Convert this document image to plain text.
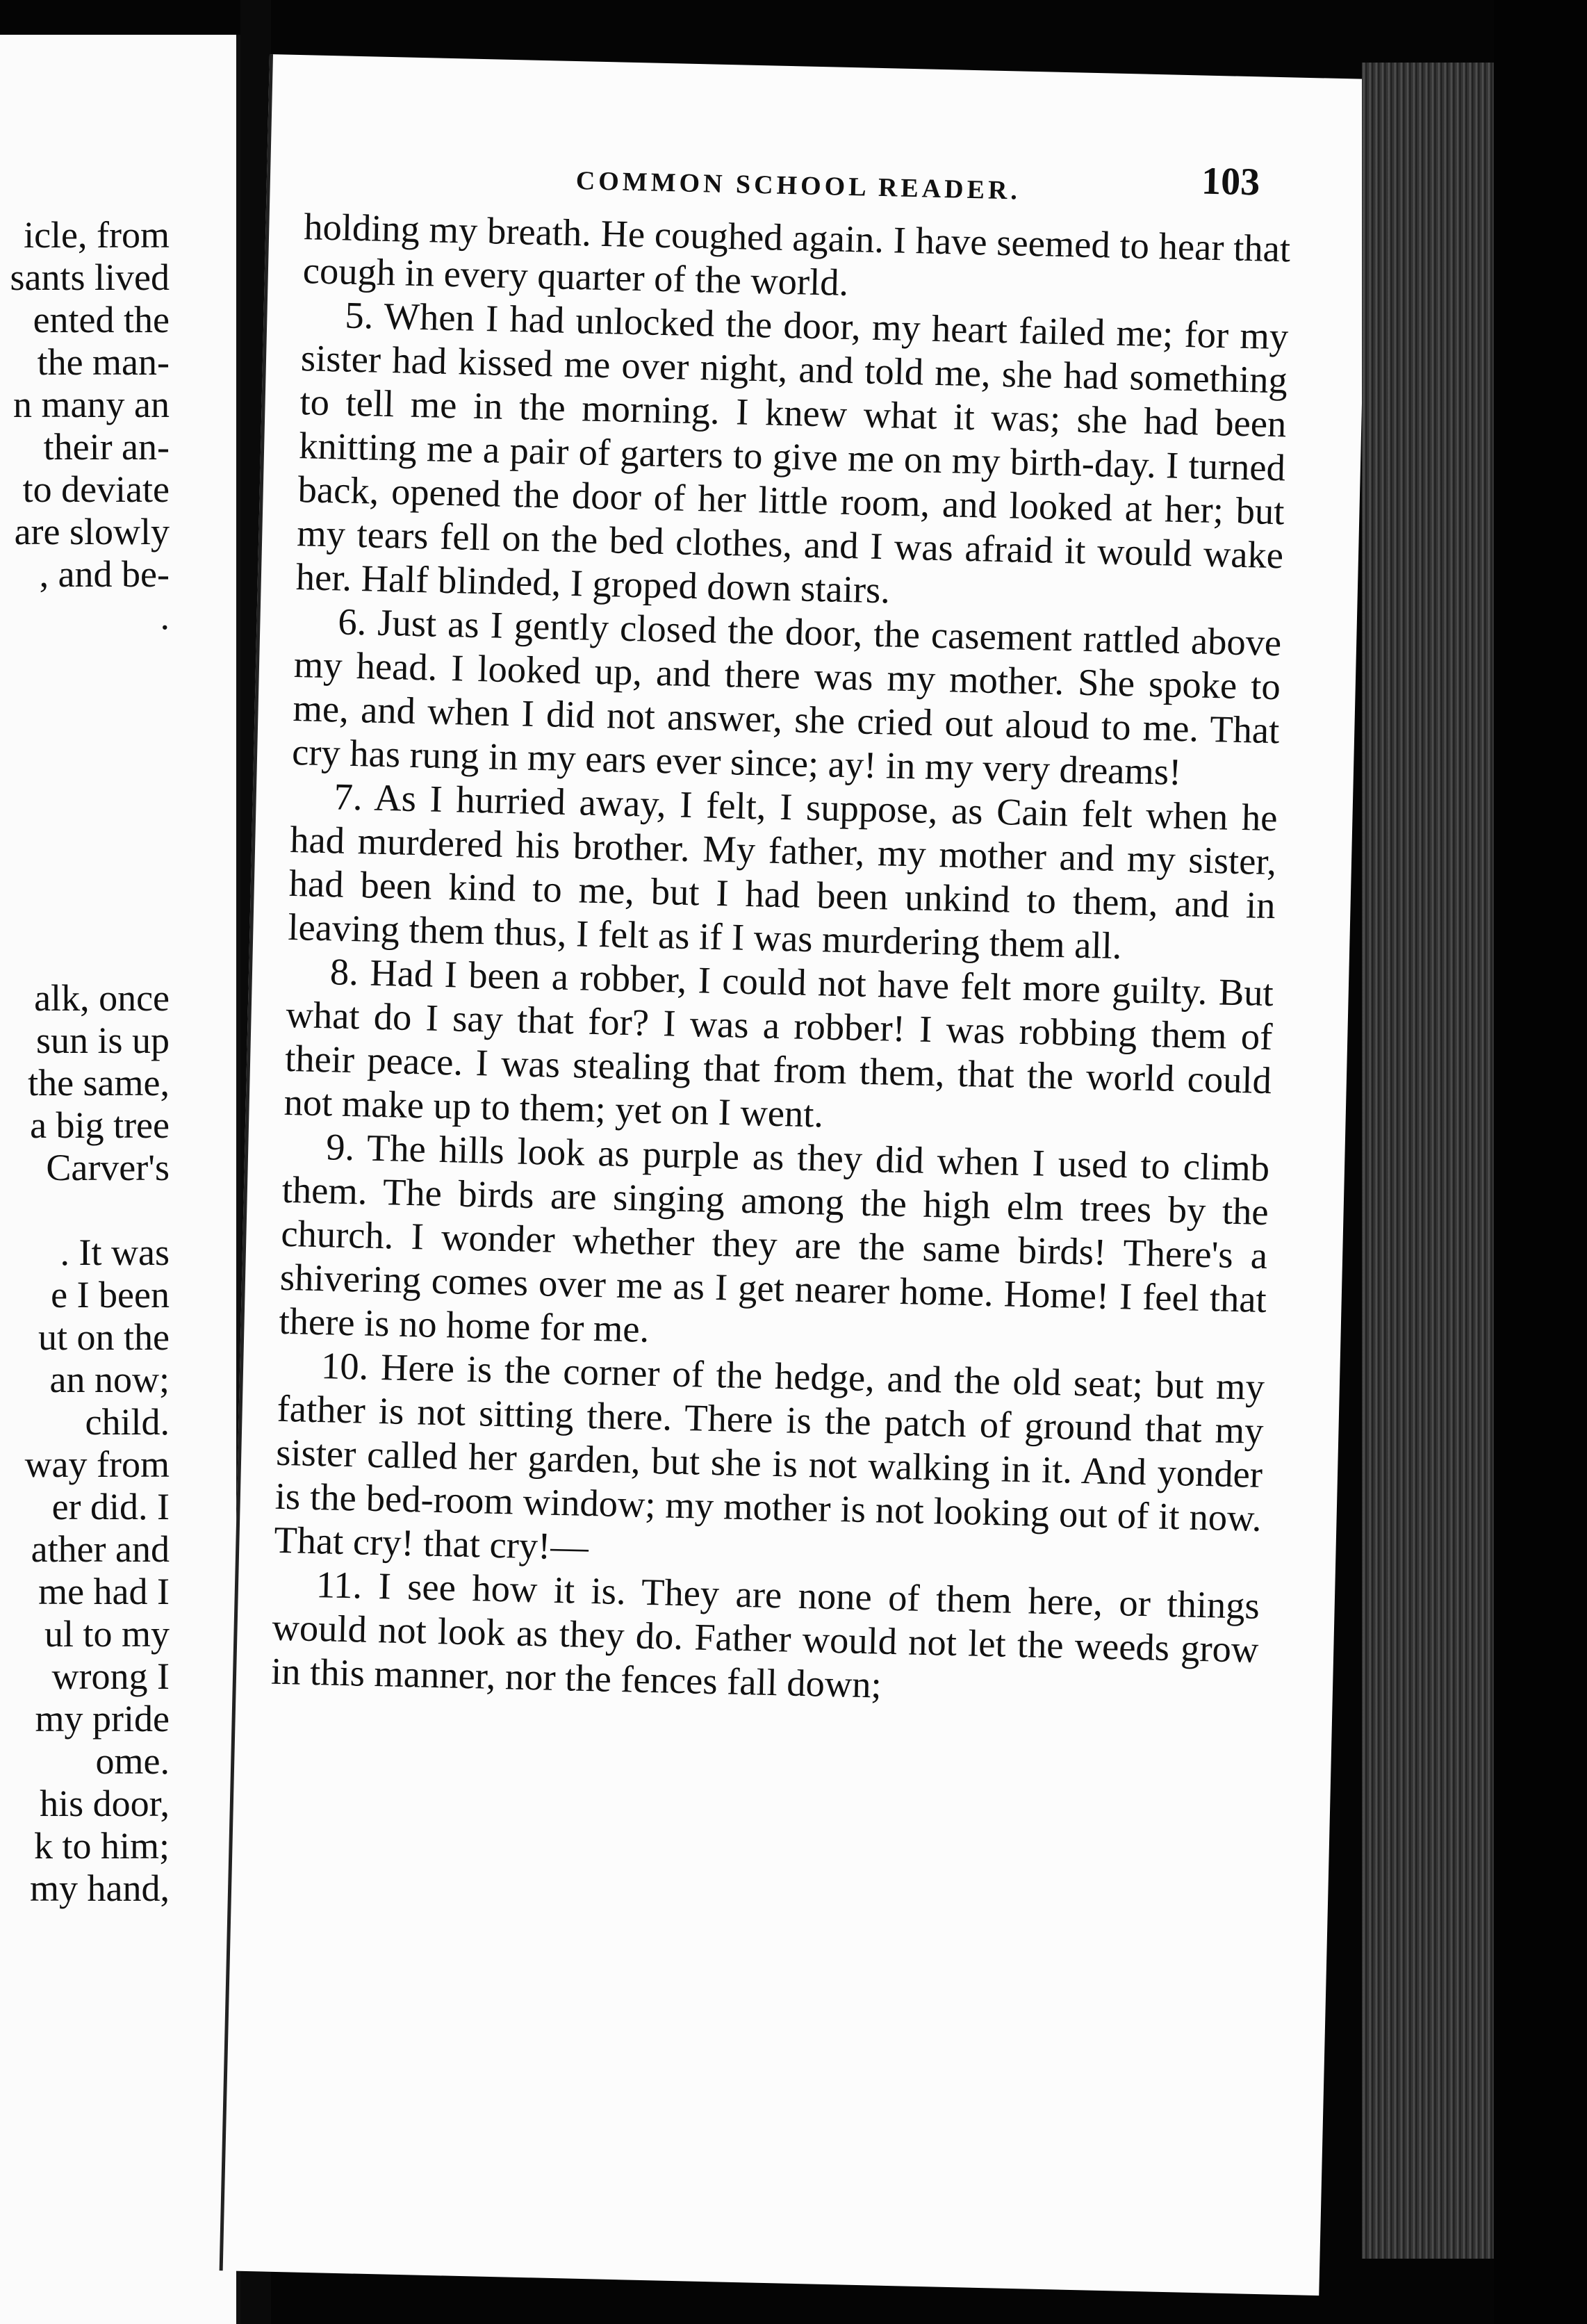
icle, from
sants lived
ented the
the man-
n many an
their an-
to deviate
are slowly
, and be-
.
alk, once
sun is up
the same,
a big tree
Carver's
. It was
e I been
ut on the
an now;
child.
way from
er did. I
ather and
me had I
ul to my
wrong I
my pride
ome.
his door,
k to him;
my hand,
COMMON SCHOOL READER.	103

holding my breath. He coughed again. I have seemed to hear that cough in every quarter of the world.

5. When I had unlocked the door, my heart failed me; for my sister had kissed me over night, and told me, she had something to tell me in the morning. I knew what it was; she had been knitting me a pair of garters to give me on my birth-day. I turned back, opened the door of her little room, and looked at her; but my tears fell on the bed clothes, and I was afraid it would wake her. Half blinded, I groped down stairs.

6. Just as I gently closed the door, the casement rattled above my head. I looked up, and there was my mother. She spoke to me, and when I did not answer, she cried out aloud to me. That cry has rung in my ears ever since; ay! in my very dreams!

7. As I hurried away, I felt, I suppose, as Cain felt when he had murdered his brother. My father, my mother and my sister, had been kind to me, but I had been unkind to them, and in leaving them thus, I felt as if I was murdering them all.

8. Had I been a robber, I could not have felt more guilty. But what do I say that for? I was a robber! I was robbing them of their peace. I was stealing that from them, that the world could not make up to them; yet on I went.

9. The hills look as purple as they did when I used to climb them. The birds are singing among the high elm trees by the church. I wonder whether they are the same birds! There's a shivering comes over me as I get nearer home. Home! I feel that there is no home for me.

10. Here is the corner of the hedge, and the old seat; but my father is not sitting there. There is the patch of ground that my sister called her garden, but she is not walking in it. And yonder is the bed-room window; my mother is not looking out of it now. That cry! that cry!—

11. I see how it is. They are none of them here, or things would not look as they do. Father would not let the weeds grow in this manner, nor the fences fall down;
